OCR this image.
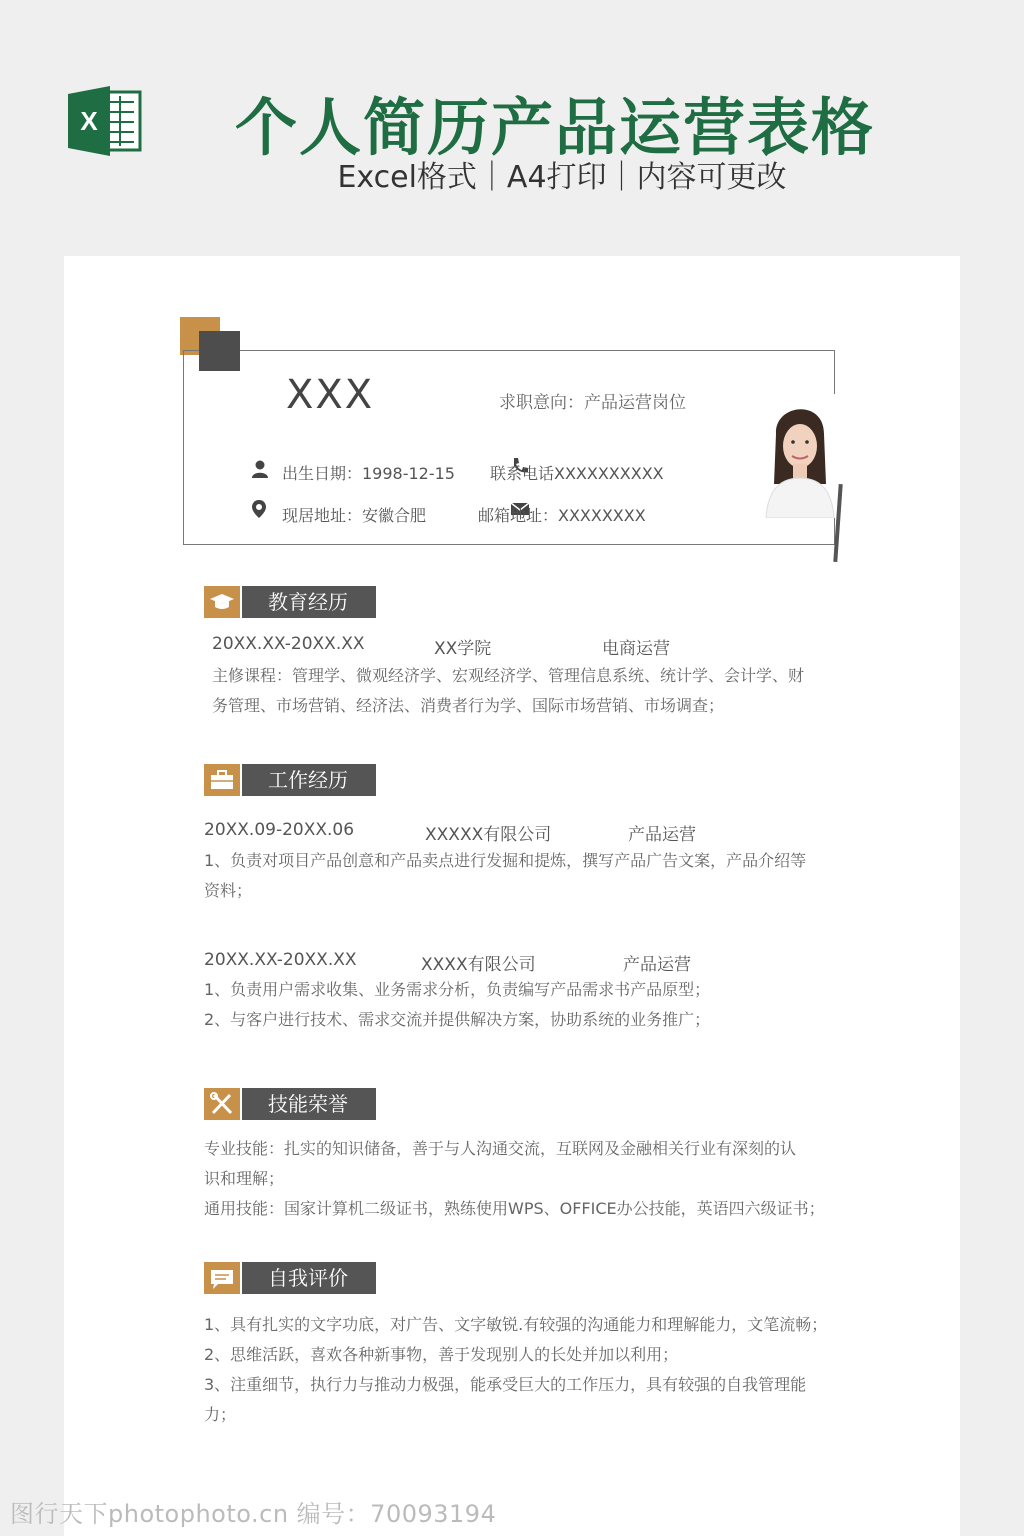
X	个人简历产品运营表格
Excel格式｜A4打印｜内容可更改
XXX	求职意向：产品运营岗位
出生日期：1998-12-15 联系电话XXXXXXXXXX
现居地址：安徽合肥	邮箱地址：XXXXXXXX
教育经历
20XX.XX-20XX.XX	XX学院	电商运营
主修课程：管理学、微观经济学、宏观经济学、管理信息系统、统计学、会计学、财
务管理、市场营销、经济法、消费者行为学、国际市场营销、市场调查；
工作经历
20XX.09-20XX.06	XXXXX有限公司	产品运营
1、负责对项目产品创意和产品卖点进行发掘和提炼，撰写产品广告文案，产品介绍等
资料；
20XX.XX-20XX.XX	XXXX有限公司	产品运营
1、负责用户需求收集、业务需求分析，负责编写产品需求书产品原型；
2、与客户进行技术、需求交流并提供解决方案，协助系统的业务推广；
技能荣誉
专业技能：扎实的知识储备，善于与人沟通交流，互联网及金融相关行业有深刻的认
识和理解；
通用技能：国家计算机二级证书，熟练使用WPS、OFFICE办公技能，英语四六级证书；
自我评价
1、具有扎实的文字功底，对广告、文字敏锐.有较强的沟通能力和理解能力，文笔流畅；
2、思维活跃，喜欢各种新事物，善于发现别人的长处并加以利用；
3、注重细节，执行力与推动力极强，能承受巨大的工作压力，具有较强的自我管理能
力；
图行天下photophoto.cn 编号：70093194
